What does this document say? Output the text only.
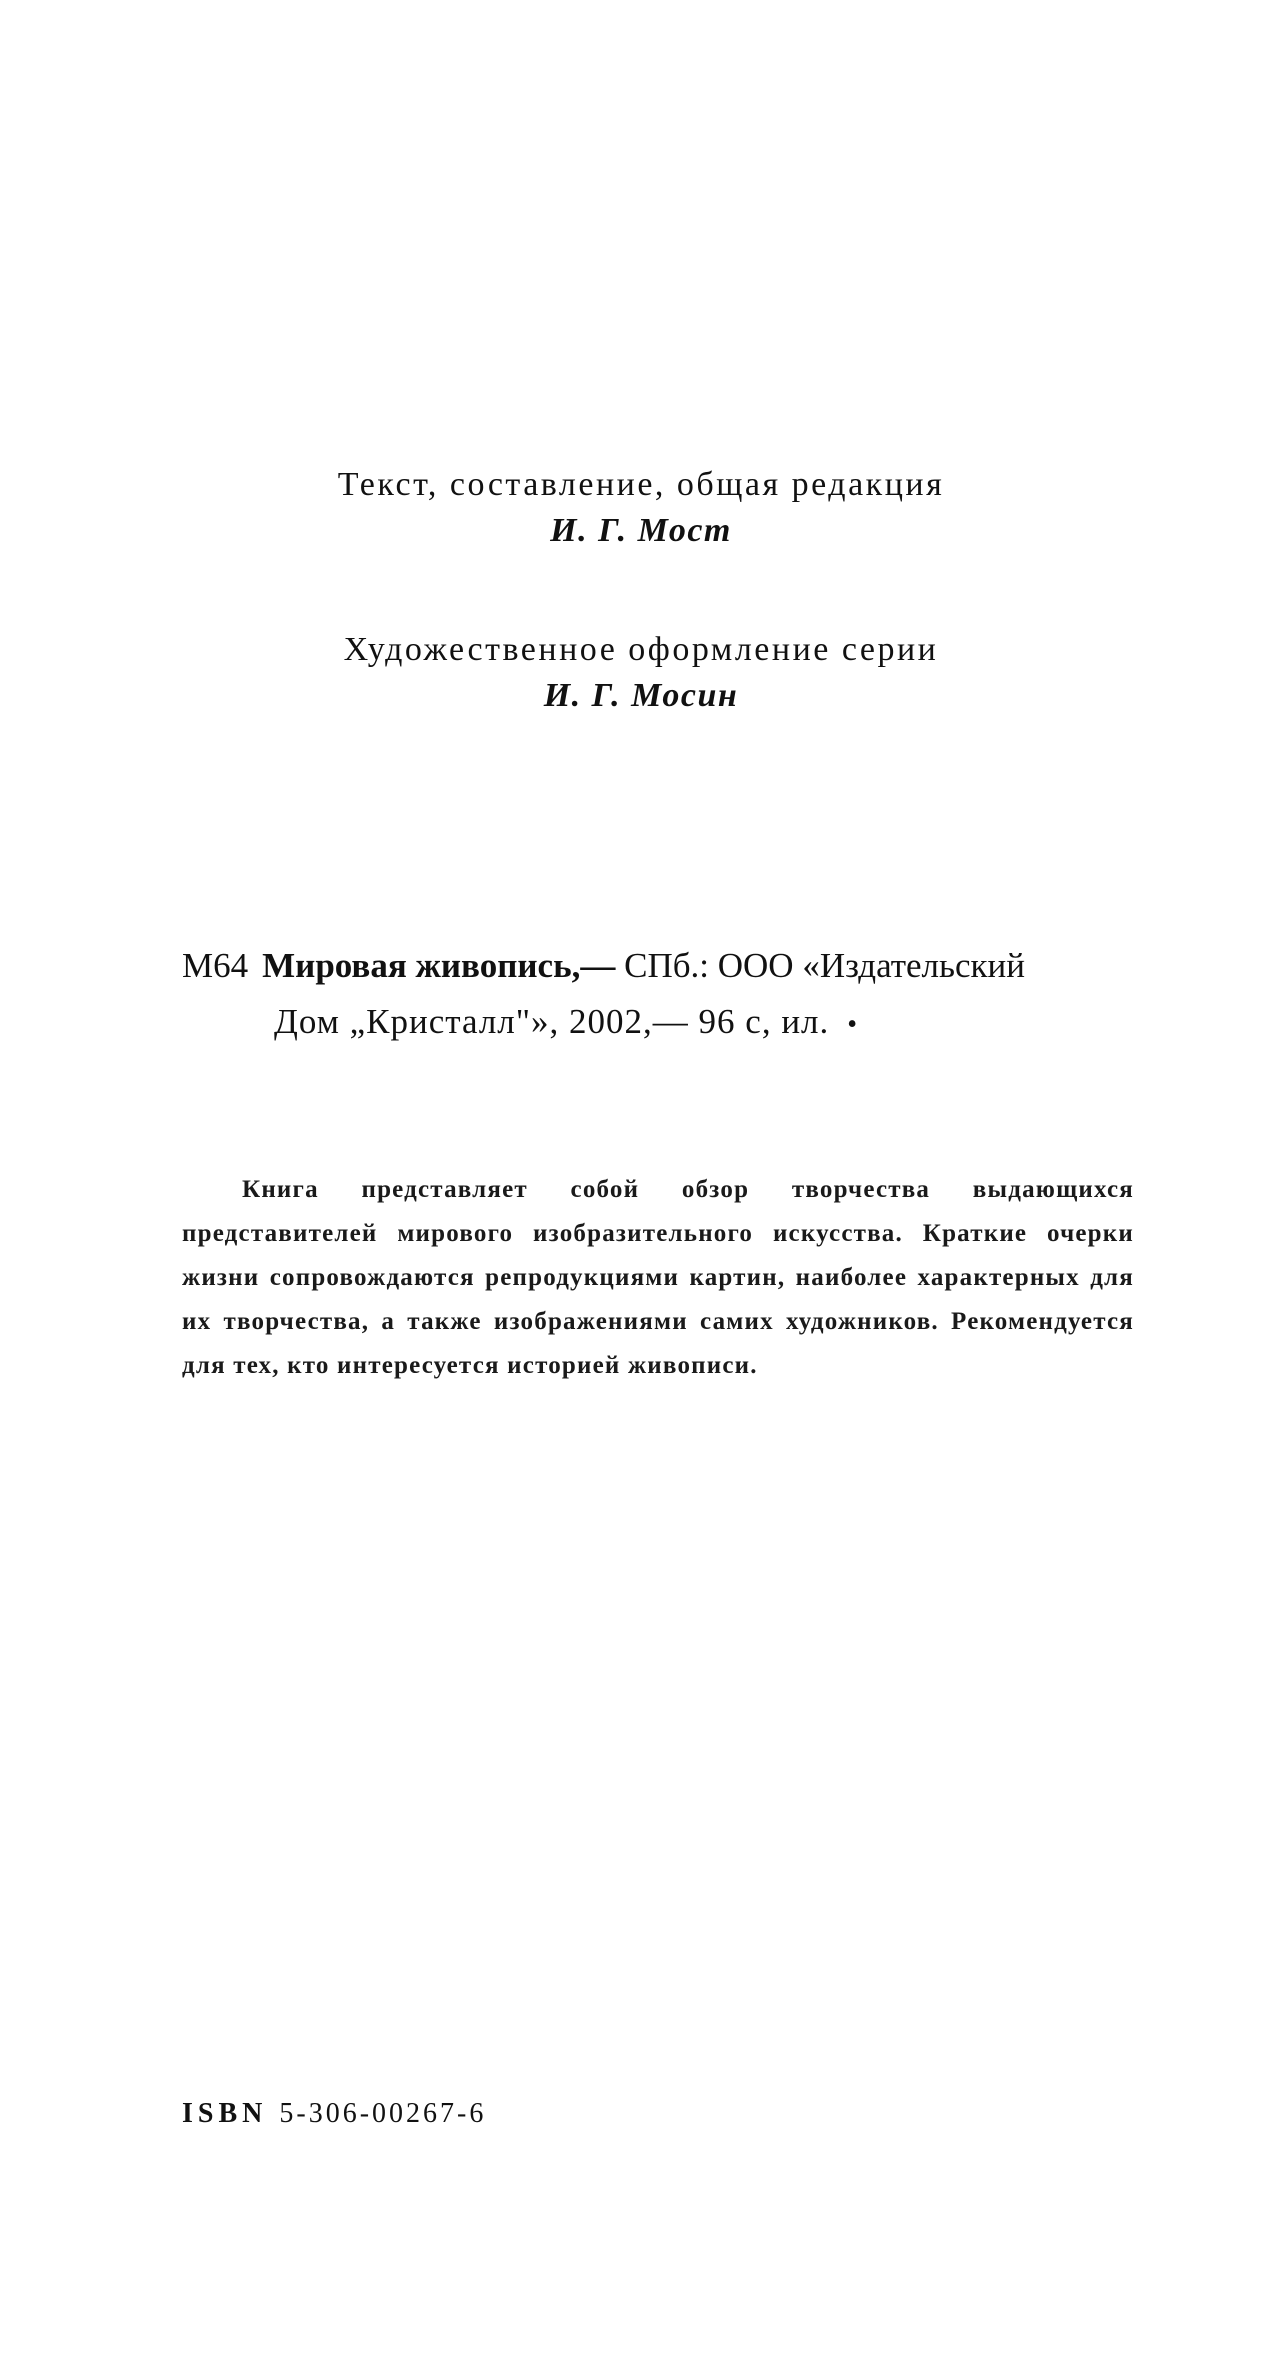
Текст, составление, общая редакция
И. Г. Мост
Художественное оформление серии
И. Г. Мосин
М64 Мировая живопись,— СПб.: ООО «Издательский
Дом „Кристалл"», 2002,— 96 с, ил. •
Книга представляет собой обзор творчества выдающихся представителей мирового изобразительного искусства. Краткие очерки жизни сопровождаются репродукциями картин, наиболее характерных для их творчества, а также изображениями самих художников. Рекомендуется для тех, кто интересуется историей живописи.
ISBN 5-306-00267-6
